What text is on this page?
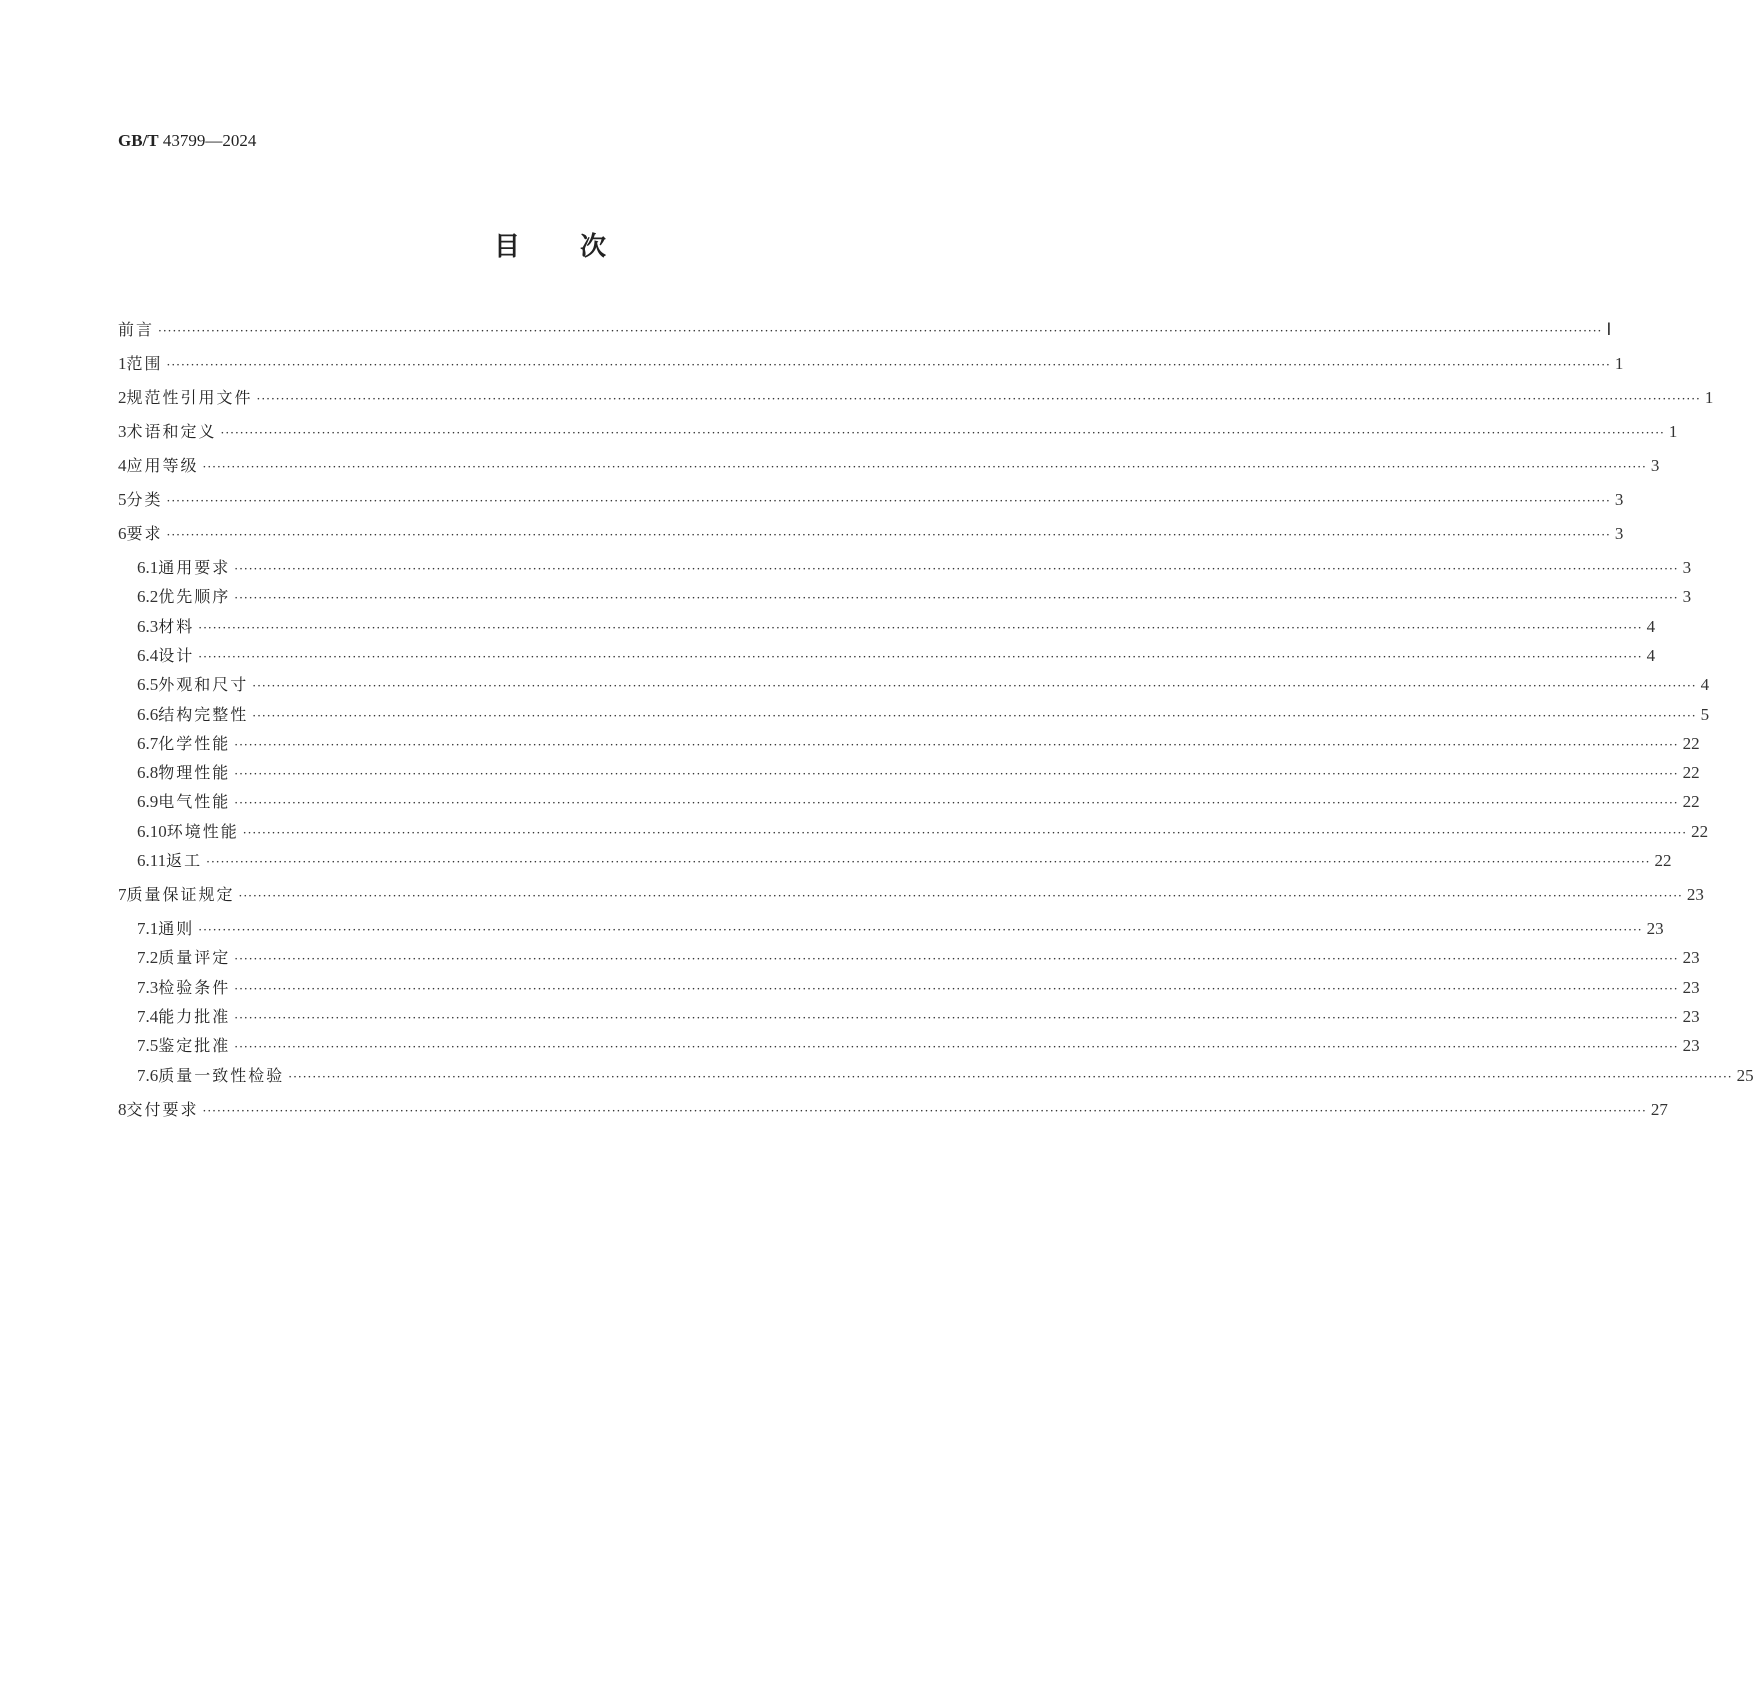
GB/T 43799—2024
目次
前言 ············································································································································································································································································································ Ⅰ
1 范围 ············································································································································································································································································································ 1
2 规范性引用文件 ············································································································································································································································································································ 1
3 术语和定义 ············································································································································································································································································································ 1
4 应用等级 ············································································································································································································································································································ 3
5 分类 ············································································································································································································································································································ 3
6 要求 ············································································································································································································································································································ 3
6.1 通用要求 ············································································································································································································································································································ 3
6.2 优先顺序 ············································································································································································································································································································ 3
6.3 材料 ············································································································································································································································································································ 4
6.4 设计 ············································································································································································································································································································ 4
6.5 外观和尺寸 ············································································································································································································································································································ 4
6.6 结构完整性 ············································································································································································································································································································ 5
6.7 化学性能 ············································································································································································································································································································ 22
6.8 物理性能 ············································································································································································································································································································ 22
6.9 电气性能 ············································································································································································································································································································ 22
6.10 环境性能 ············································································································································································································································································································ 22
6.11 返工 ············································································································································································································································································································ 22
7 质量保证规定 ············································································································································································································································································································ 23
7.1 通则 ············································································································································································································································································································ 23
7.2 质量评定 ············································································································································································································································································································ 23
7.3 检验条件 ············································································································································································································································································································ 23
7.4 能力批准 ············································································································································································································································································································ 23
7.5 鉴定批准 ············································································································································································································································································································ 23
7.6 质量一致性检验 ············································································································································································································································································································ 25
8 交付要求 ············································································································································································································································································································ 27
